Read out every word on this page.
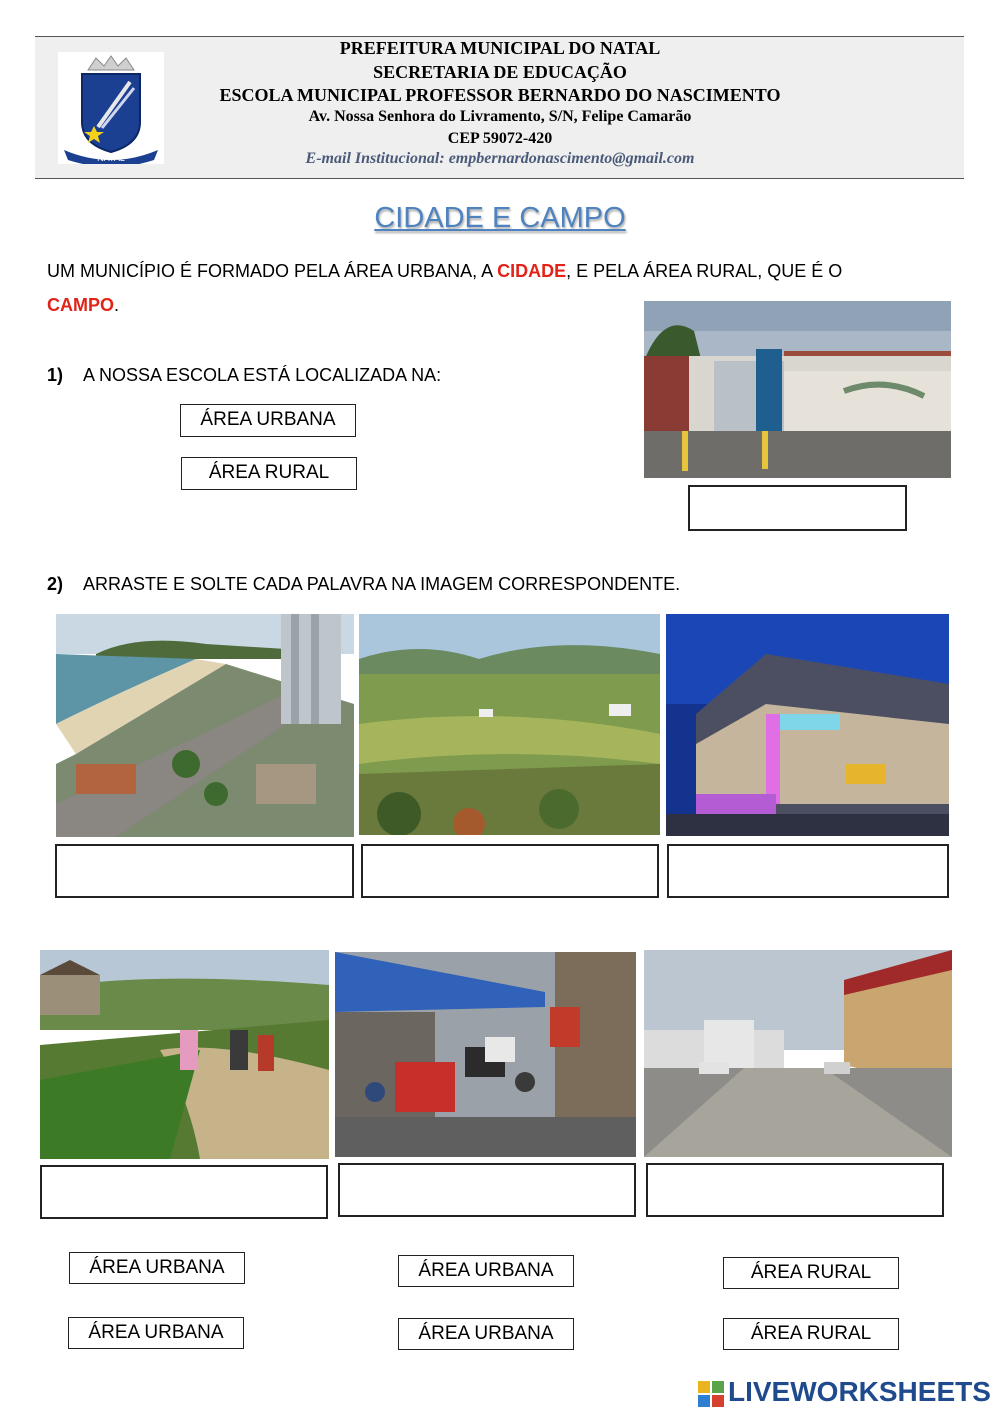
NATAL
PREFEITURA MUNICIPAL DO NATAL
SECRETARIA DE EDUCAÇÃO
ESCOLA MUNICIPAL PROFESSOR BERNARDO DO NASCIMENTO
Av. Nossa Senhora do Livramento, S/N, Felipe Camarão
CEP 59072-420
E-mail Institucional: empbernardonascimento@gmail.com
CIDADE E CAMPO
UM MUNICÍPIO É FORMADO PELA ÁREA URBANA, A CIDADE, E PELA ÁREA RURAL, QUE É O
CAMPO.
1) A NOSSA ESCOLA ESTÁ LOCALIZADA NA:
ÁREA URBANA
ÁREA RURAL
2) ARRASTE E SOLTE CADA PALAVRA NA IMAGEM CORRESPONDENTE.
ÁREA URBANA
ÁREA URBANA
ÁREA URBANA
ÁREA URBANA
ÁREA RURAL
ÁREA RURAL
LIVEWORKSHEETS
